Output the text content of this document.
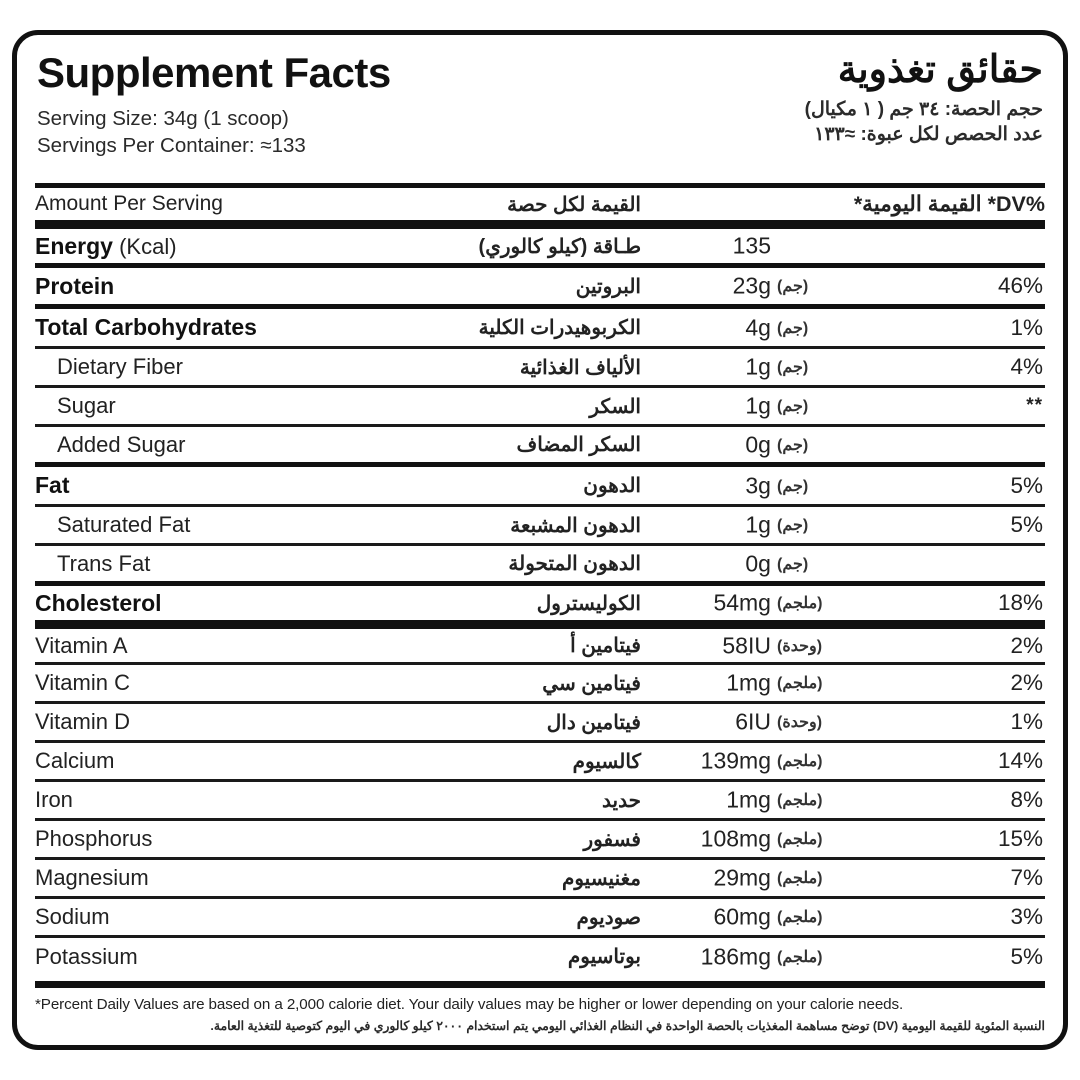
Supplement Facts
Serving Size: 34g (1 scoop)
Servings Per Container: ≈133
حقائق تغذوية
حجم الحصة: ٣٤ جم ( ١ مكيال)
عدد الحصص لكل عبوة: ≈١٣٣
Amount Per Serving	القيمة لكل حصة	%DV* القيمة اليومية*	

Energy (Kcal)	طـاقة (كيلو كالوري)	135	

Protein	البروتين	23g (جم)	46%
Total Carbohydrates	الكربوهيدرات الكلية	4g (جم)	1%
Dietary Fiber	الألياف الغذائية	1g (جم)	4%
Sugar	السكر	1g (جم)	**
Added Sugar	السكر المضاف	0g (جم)	

Fat	الدهون	3g (جم)	5%
Saturated Fat	الدهون المشبعة	1g (جم)	5%
Trans Fat	الدهون المتحولة	0g (جم)	

Cholesterol	الكوليسترول	54mg (ملجم)	18%
Vitamin A	فيتامين أ	58IU (وحدة)	2%
Vitamin C	فيتامين سي	1mg (ملجم)	2%
Vitamin D	فيتامين دال	6IU (وحدة)	1%
Calcium	كالسيوم	139mg (ملجم)	14%
Iron	حديد	1mg (ملجم)	8%
Phosphorus	فسفور	108mg (ملجم)	15%
Magnesium	مغنيسيوم	29mg (ملجم)	7%
Sodium	صوديوم	60mg (ملجم)	3%
Potassium	بوتاسيوم	186mg (ملجم)	5%
*Percent Daily Values are based on a 2,000 calorie diet. Your daily values may be higher or lower depending on your calorie needs.
النسبة المئوية للقيمة اليومية (DV) توضح مساهمة المغذيات بالحصة الواحدة في النظام الغذائي اليومي يتم استخدام ٢٠٠٠ كيلو كالوري في اليوم كتوصية للتغذية العامة.
